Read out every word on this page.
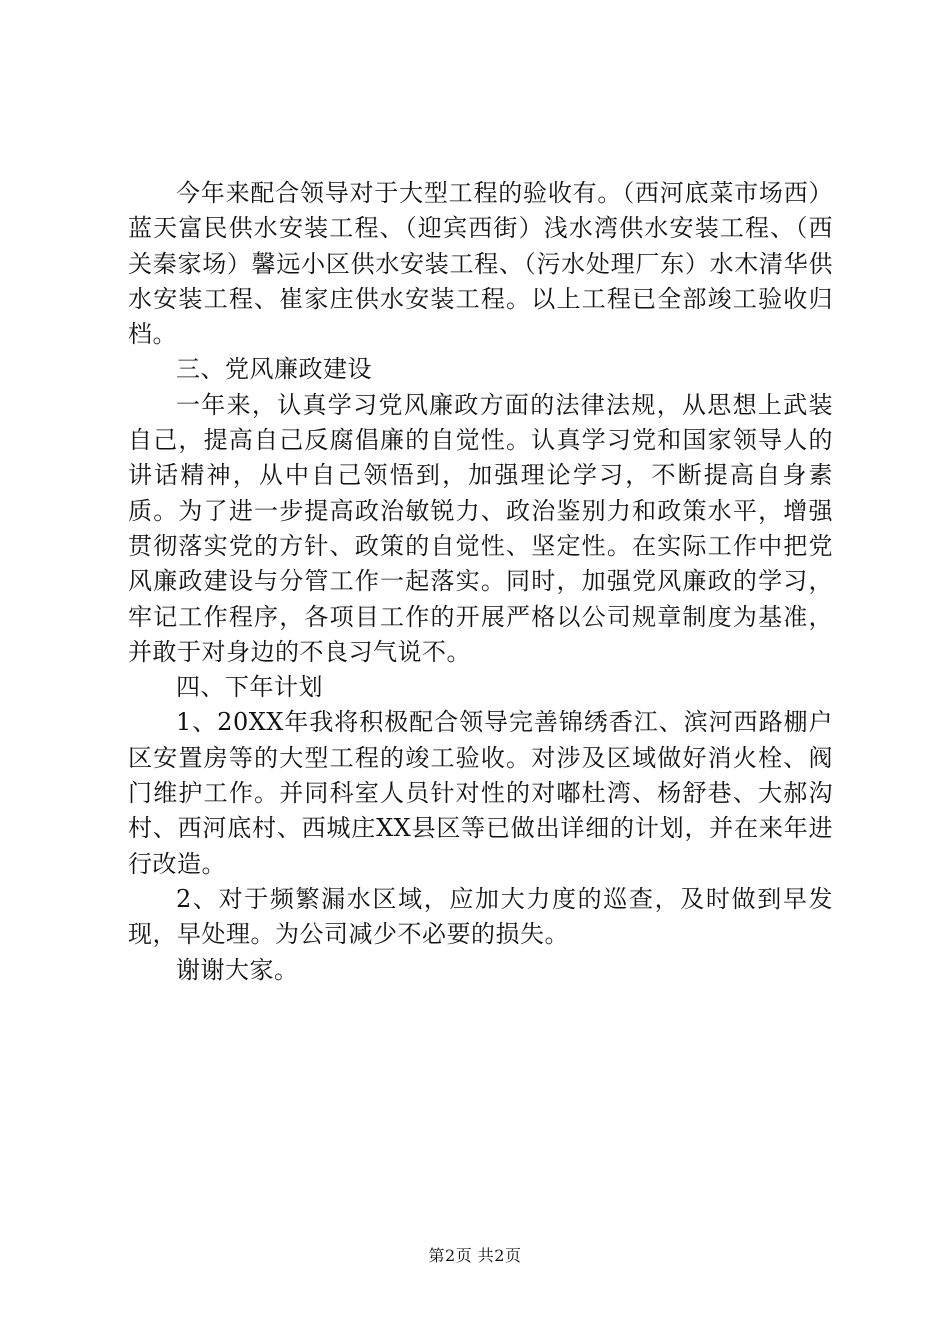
今年来配合领导对于大型工程的验收有。（西河底菜市场西）蓝天富民供水安装工程、（迎宾西街）浅水湾供水安装工程、（西关秦家场）馨远小区供水安装工程、（污水处理厂东）水木清华供水安装工程、崔家庄供水安装工程。以上工程已全部竣工验收归档。

三、党风廉政建设

一年来，认真学习党风廉政方面的法律法规，从思想上武装自己，提高自己反腐倡廉的自觉性。认真学习党和国家领导人的讲话精神，从中自己领悟到，加强理论学习，不断提高自身素质。为了进一步提高政治敏锐力、政治鉴别力和政策水平，增强贯彻落实党的方针、政策的自觉性、坚定性。在实际工作中把党风廉政建设与分管工作一起落实。同时，加强党风廉政的学习，牢记工作程序，各项目工作的开展严格以公司规章制度为基准，并敢于对身边的不良习气说不。

四、下年计划

1、20XX年我将积极配合领导完善锦绣香江、滨河西路棚户区安置房等的大型工程的竣工验收。对涉及区域做好消火栓、阀门维护工作。并同科室人员针对性的对嘟杜湾、杨舒巷、大郝沟村、西河底村、西城庄XX县区等已做出详细的计划，并在来年进行改造。

2、对于频繁漏水区域，应加大力度的巡查，及时做到早发现，早处理。为公司减少不必要的损失。

谢谢大家。

第2页 共2页
